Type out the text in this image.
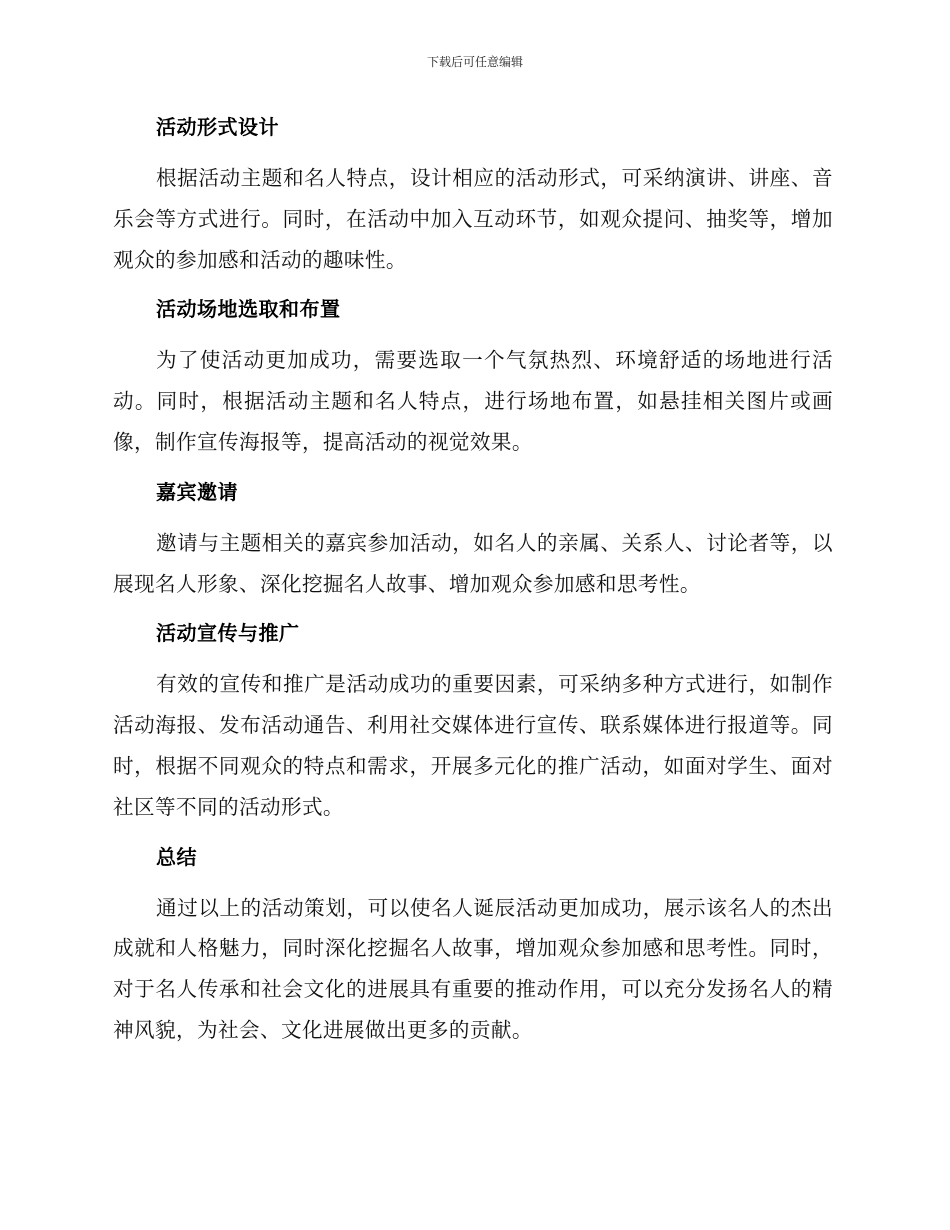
下载后可任意编辑
活动形式设计

根据活动主题和名人特点，设计相应的活动形式，可采纳演讲、讲座、音乐会等方式进行。同时，在活动中加入互动环节，如观众提问、抽奖等，增加观众的参加感和活动的趣味性。

活动场地选取和布置

为了使活动更加成功，需要选取一个气氛热烈、环境舒适的场地进行活动。同时，根据活动主题和名人特点，进行场地布置，如悬挂相关图片或画像，制作宣传海报等，提高活动的视觉效果。

嘉宾邀请

邀请与主题相关的嘉宾参加活动，如名人的亲属、关系人、讨论者等，以展现名人形象、深化挖掘名人故事、增加观众参加感和思考性。

活动宣传与推广

有效的宣传和推广是活动成功的重要因素，可采纳多种方式进行，如制作活动海报、发布活动通告、利用社交媒体进行宣传、联系媒体进行报道等。同时，根据不同观众的特点和需求，开展多元化的推广活动，如面对学生、面对社区等不同的活动形式。

总结

通过以上的活动策划，可以使名人诞辰活动更加成功，展示该名人的杰出成就和人格魅力，同时深化挖掘名人故事，增加观众参加感和思考性。同时，对于名人传承和社会文化的进展具有重要的推动作用，可以充分发扬名人的精神风貌，为社会、文化进展做出更多的贡献。
